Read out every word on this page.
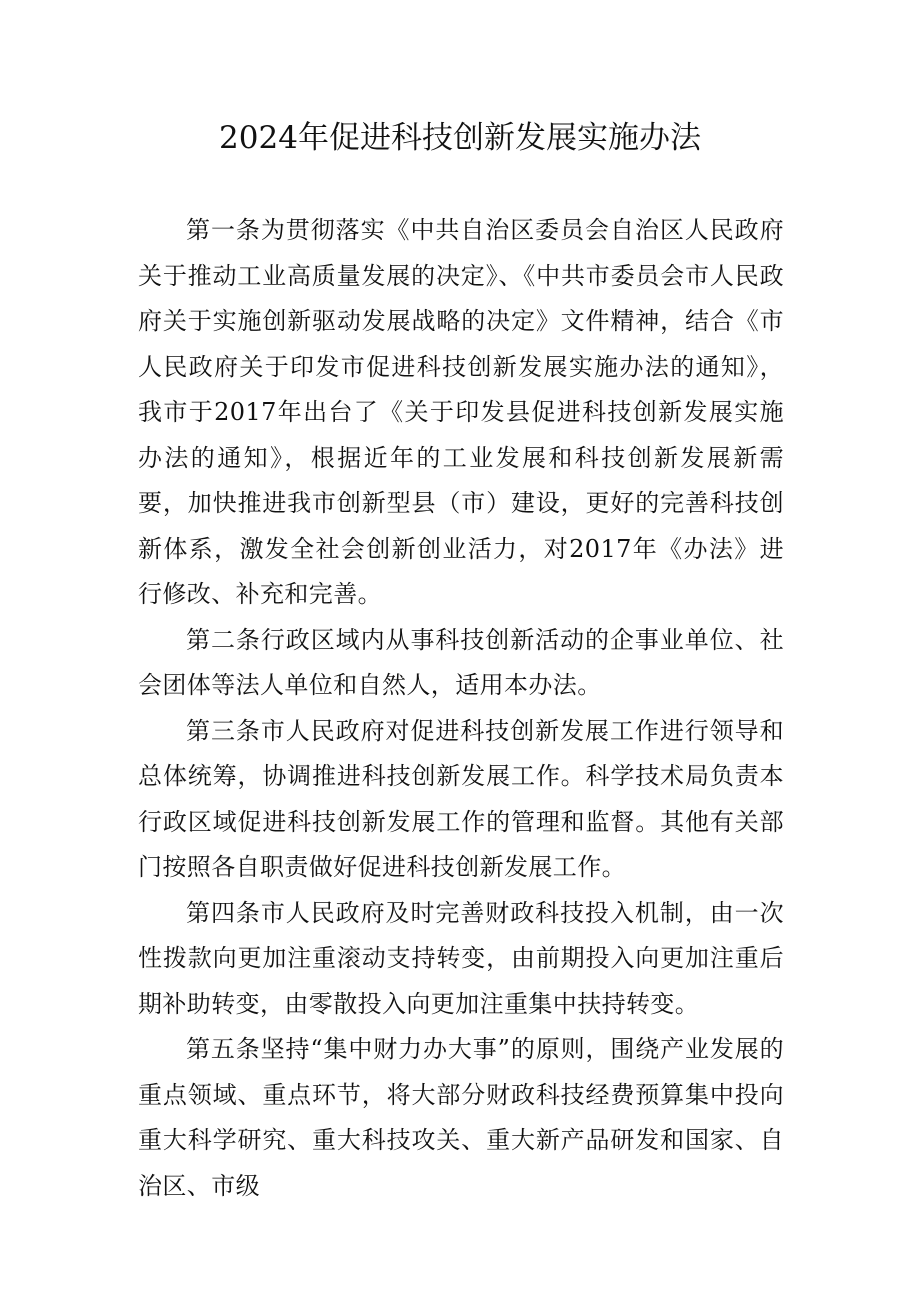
2024年促进科技创新发展实施办法

第一条为贯彻落实《中共自治区委员会自治区人民政府关于推动工业高质量发展的决定》、《中共市委员会市人民政府关于实施创新驱动发展战略的决定》文件精神，结合《市人民政府关于印发市促进科技创新发展实施办法的通知》，我市于2017年出台了《关于印发县促进科技创新发展实施办法的通知》，根据近年的工业发展和科技创新发展新需要，加快推进我市创新型县（市）建设，更好的完善科技创新体系，激发全社会创新创业活力，对2017年《办法》进行修改、补充和完善。

第二条行政区域内从事科技创新活动的企事业单位、社会团体等法人单位和自然人，适用本办法。

第三条市人民政府对促进科技创新发展工作进行领导和总体统筹，协调推进科技创新发展工作。科学技术局负责本行政区域促进科技创新发展工作的管理和监督。其他有关部门按照各自职责做好促进科技创新发展工作。

第四条市人民政府及时完善财政科技投入机制，由一次性拨款向更加注重滚动支持转变，由前期投入向更加注重后期补助转变，由零散投入向更加注重集中扶持转变。

第五条坚持“集中财力办大事”的原则，围绕产业发展的重点领域、重点环节，将大部分财政科技经费预算集中投向重大科学研究、重大科技攻关、重大新产品研发和国家、自治区、市级
